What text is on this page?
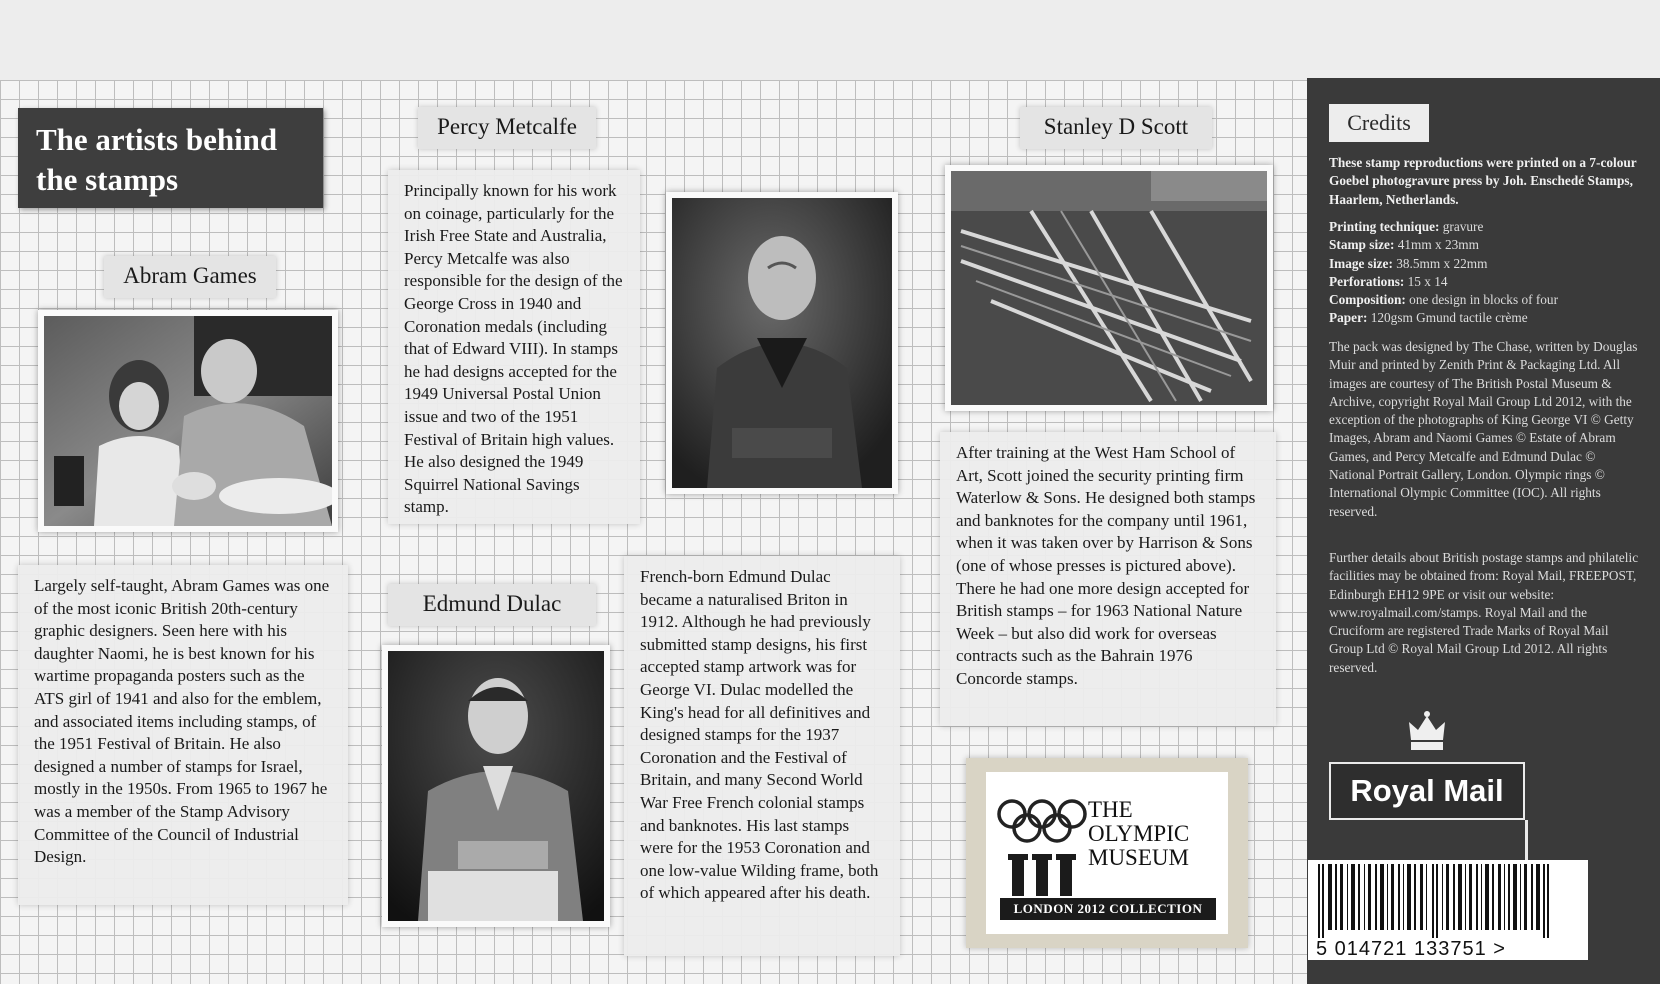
The artists behind
the stamps
Abram Games
Largely self-taught, Abram Games was one of the most iconic British 20th-century graphic designers. Seen here with his daughter Naomi, he is best known for his wartime propaganda posters such as the ATS girl of 1941 and also for the emblem, and associated items including stamps, of the 1951 Festival of Britain. He also designed a number of stamps for Israel, mostly in the 1950s. From 1965 to 1967 he was a member of the Stamp Advisory Committee of the Council of Industrial Design.
Percy Metcalfe
Principally known for his work on coinage, particularly for the Irish Free State and Australia, Percy Metcalfe was also responsible for the design of the George Cross in 1940 and Coronation medals (including that of Edward VIII). In stamps he had designs accepted for the 1949 Universal Postal Union issue and two of the 1951 Festival of Britain high values. He also designed the 1949 Squirrel National Savings stamp.
Edmund Dulac
French-born Edmund Dulac became a naturalised Briton in 1912. Although he had previously submitted stamp designs, his first accepted stamp artwork was for George VI. Dulac modelled the King's head for all definitives and designed stamps for the 1937 Coronation and the Festival of Britain, and many Second World War Free French colonial stamps and banknotes. His last stamps were for the 1953 Coronation and one low-value Wilding frame, both of which appeared after his death.
Stanley D Scott
After training at the West Ham School of Art, Scott joined the security printing firm Waterlow & Sons. He designed both stamps and banknotes for the company until 1961, when it was taken over by Harrison & Sons (one of whose presses is pictured above). There he had one more design accepted for British stamps – for 1963 National Nature Week – but also did work for overseas contracts such as the Bahrain 1976 Concorde stamps.
THE
OLYMPIC
MUSEUM
LONDON 2012 COLLECTION
Credits
These stamp reproductions were printed on a 7-colour Goebel photogravure press by Joh. Enschedé Stamps, Haarlem, Netherlands.
Printing technique: gravure
Stamp size: 41mm x 23mm
Image size: 38.5mm x 22mm
Perforations: 15 x 14
Composition: one design in blocks of four
Paper: 120gsm Gmund tactile crème
The pack was designed by The Chase, written by Douglas Muir and printed by Zenith Print & Packaging Ltd. All images are courtesy of The British Postal Museum & Archive, copyright Royal Mail Group Ltd 2012, with the exception of the photographs of King George VI © Getty Images, Abram and Naomi Games © Estate of Abram Games, and Percy Metcalfe and Edmund Dulac © National Portrait Gallery, London. Olympic rings © International Olympic Committee (IOC). All rights reserved.
Further details about British postage stamps and philatelic facilities may be obtained from: Royal Mail, FREEPOST, Edinburgh EH12 9PE or visit our website: www.royalmail.com/stamps. Royal Mail and the Cruciform are registered Trade Marks of Royal Mail Group Ltd © Royal Mail Group Ltd 2012. All rights reserved.
Royal Mail
5 014721 133751 >
